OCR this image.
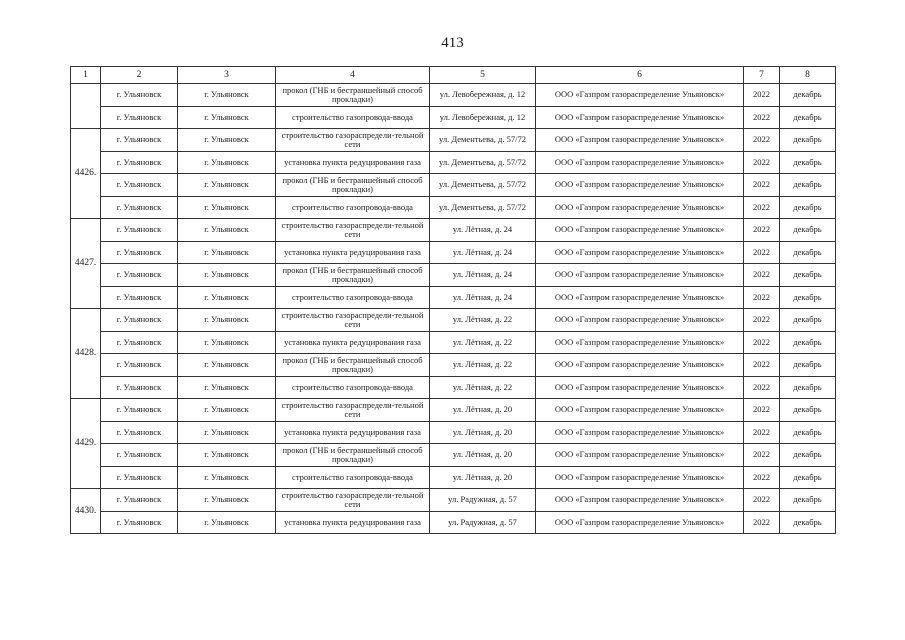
413
1	2	3	4	5	6	7	8
	г. Ульяновск	г. Ульяновск	прокол (ГНБ и бестраншейный способ прокладки)	ул. Левобережная, д. 12	ООО «Газпром газораспределение Ульяновск»	2022	декабрь
	г. Ульяновск	г. Ульяновск	строительство газопровода-ввода	ул. Левобережная, д. 12	ООО «Газпром газораспределение Ульяновск»	2022	декабрь
4426.	г. Ульяновск	г. Ульяновск	строительство газораспредели-тельной сети	ул. Дементьева, д. 57/72	ООО «Газпром газораспределение Ульяновск»	2022	декабрь
	г. Ульяновск	г. Ульяновск	установка пункта редуцирования газа	ул. Дементьева, д. 57/72	ООО «Газпром газораспределение Ульяновск»	2022	декабрь
	г. Ульяновск	г. Ульяновск	прокол (ГНБ и бестраншейный способ прокладки)	ул. Дементьева, д. 57/72	ООО «Газпром газораспределение Ульяновск»	2022	декабрь
	г. Ульяновск	г. Ульяновск	строительство газопровода-ввода	ул. Дементьева, д. 57/72	ООО «Газпром газораспределение Ульяновск»	2022	декабрь
4427.	г. Ульяновск	г. Ульяновск	строительство газораспредели-тельной сети	ул. Лётная, д. 24	ООО «Газпром газораспределение Ульяновск»	2022	декабрь
	г. Ульяновск	г. Ульяновск	установка пункта редуцирования газа	ул. Лётная, д. 24	ООО «Газпром газораспределение Ульяновск»	2022	декабрь
	г. Ульяновск	г. Ульяновск	прокол (ГНБ и бестраншейный способ прокладки)	ул. Лётная, д. 24	ООО «Газпром газораспределение Ульяновск»	2022	декабрь
	г. Ульяновск	г. Ульяновск	строительство газопровода-ввода	ул. Лётная, д. 24	ООО «Газпром газораспределение Ульяновск»	2022	декабрь
4428.	г. Ульяновск	г. Ульяновск	строительство газораспредели-тельной сети	ул. Лётная, д. 22	ООО «Газпром газораспределение Ульяновск»	2022	декабрь
	г. Ульяновск	г. Ульяновск	установка пункта редуцирования газа	ул. Лётная, д. 22	ООО «Газпром газораспределение Ульяновск»	2022	декабрь
	г. Ульяновск	г. Ульяновск	прокол (ГНБ и бестраншейный способ прокладки)	ул. Лётная, д. 22	ООО «Газпром газораспределение Ульяновск»	2022	декабрь
	г. Ульяновск	г. Ульяновск	строительство газопровода-ввода	ул. Лётная, д. 22	ООО «Газпром газораспределение Ульяновск»	2022	декабрь
4429.	г. Ульяновск	г. Ульяновск	строительство газораспредели-тельной сети	ул. Лётная, д. 20	ООО «Газпром газораспределение Ульяновск»	2022	декабрь
	г. Ульяновск	г. Ульяновск	установка пункта редуцирования газа	ул. Лётная, д. 20	ООО «Газпром газораспределение Ульяновск»	2022	декабрь
	г. Ульяновск	г. Ульяновск	прокол (ГНБ и бестраншейный способ прокладки)	ул. Лётная, д. 20	ООО «Газпром газораспределение Ульяновск»	2022	декабрь
	г. Ульяновск	г. Ульяновск	строительство газопровода-ввода	ул. Лётная, д. 20	ООО «Газпром газораспределение Ульяновск»	2022	декабрь
4430.	г. Ульяновск	г. Ульяновск	строительство газораспредели-тельной сети	ул. Радужная, д. 57	ООО «Газпром газораспределение Ульяновск»	2022	декабрь
	г. Ульяновск	г. Ульяновск	установка пункта редуцирования газа	ул. Радужная, д. 57	ООО «Газпром газораспределение Ульяновск»	2022	декабрь
